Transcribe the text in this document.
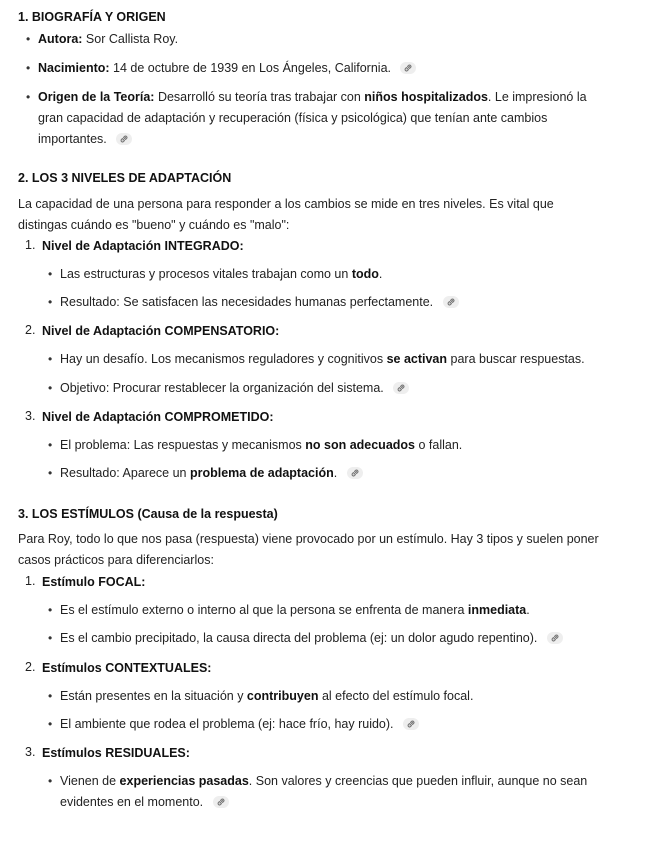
1. BIOGRAFÍA Y ORIGEN
• Autora: Sor Callista Roy.
• Nacimiento: 14 de octubre de 1939 en Los Ángeles, California.
• Origen de la Teoría: Desarrolló su teoría tras trabajar con niños hospitalizados. Le impresionó la
gran capacidad de adaptación y recuperación (física y psicológica) que tenían ante cambios
importantes.
2. LOS 3 NIVELES DE ADAPTACIÓN
La capacidad de una persona para responder a los cambios se mide en tres niveles. Es vital que
distingas cuándo es "bueno" y cuándo es "malo":
1. Nivel de Adaptación INTEGRADO:
• Las estructuras y procesos vitales trabajan como un todo.
• Resultado: Se satisfacen las necesidades humanas perfectamente.
2. Nivel de Adaptación COMPENSATORIO:
• Hay un desafío. Los mecanismos reguladores y cognitivos se activan para buscar respuestas.
• Objetivo: Procurar restablecer la organización del sistema.
3. Nivel de Adaptación COMPROMETIDO:
• El problema: Las respuestas y mecanismos no son adecuados o fallan.
• Resultado: Aparece un problema de adaptación.
3. LOS ESTÍMULOS (Causa de la respuesta)
Para Roy, todo lo que nos pasa (respuesta) viene provocado por un estímulo. Hay 3 tipos y suelen poner
casos prácticos para diferenciarlos:
1. Estímulo FOCAL:
• Es el estímulo externo o interno al que la persona se enfrenta de manera inmediata.
• Es el cambio precipitado, la causa directa del problema (ej: un dolor agudo repentino).
2. Estímulos CONTEXTUALES:
• Están presentes en la situación y contribuyen al efecto del estímulo focal.
• El ambiente que rodea el problema (ej: hace frío, hay ruido).
3. Estímulos RESIDUALES:
• Vienen de experiencias pasadas. Son valores y creencias que pueden influir, aunque no sean
evidentes en el momento.
